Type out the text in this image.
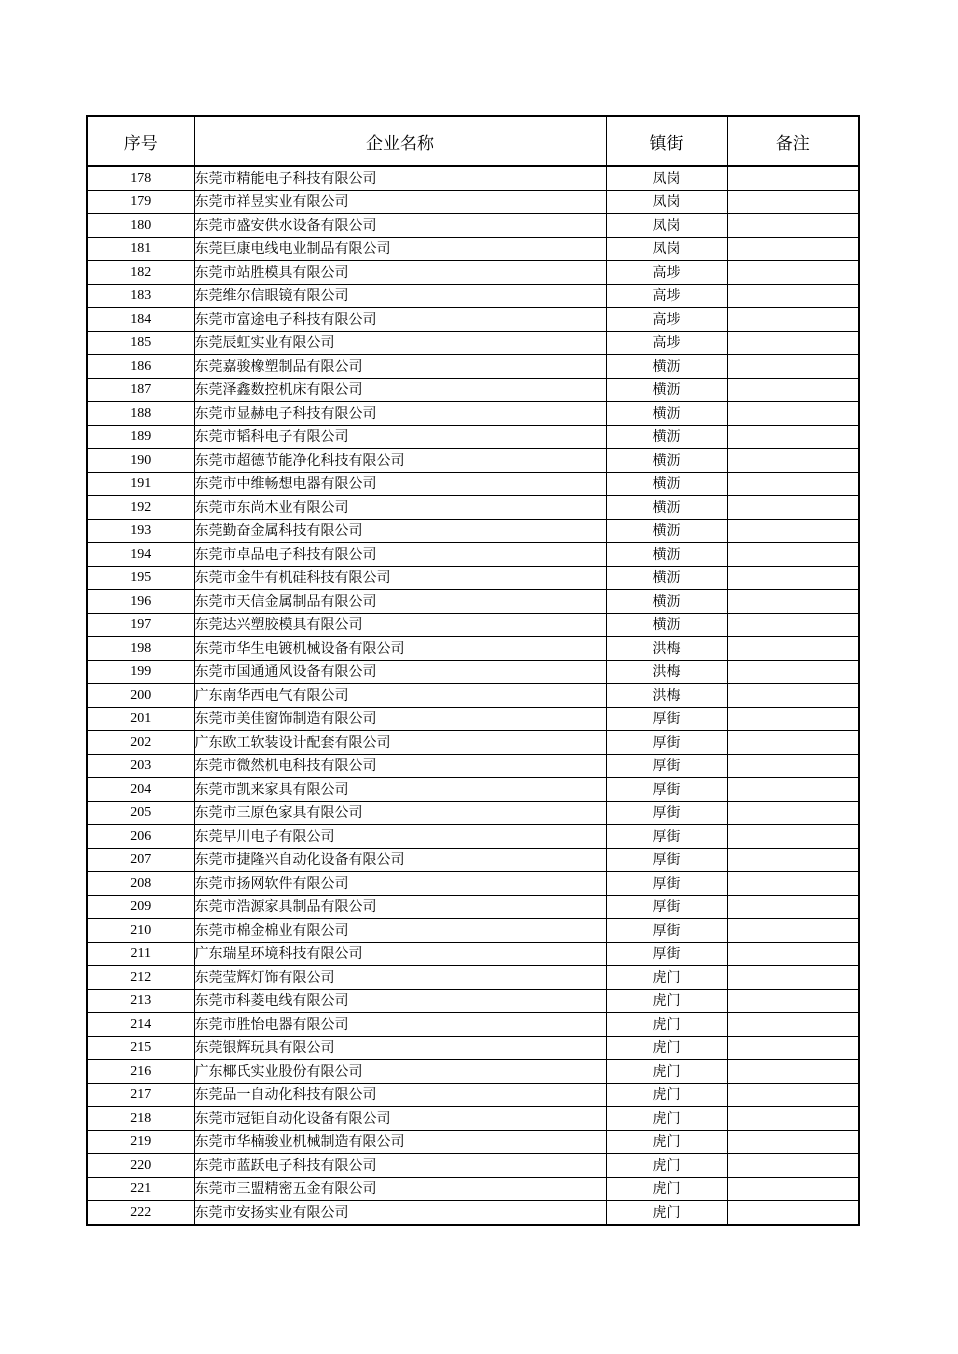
序号	企业名称	镇街	备注
178	东莞市精能电子科技有限公司	凤岗	
179	东莞市祥昱实业有限公司	凤岗	
180	东莞市盛安供水设备有限公司	凤岗	
181	东莞巨康电线电业制品有限公司	凤岗	
182	东莞市站胜模具有限公司	高埗	
183	东莞维尔信眼镜有限公司	高埗	
184	东莞市富途电子科技有限公司	高埗	
185	东莞辰虹实业有限公司	高埗	
186	东莞嘉骏橡塑制品有限公司	横沥	
187	东莞泽鑫数控机床有限公司	横沥	
188	东莞市显赫电子科技有限公司	横沥	
189	东莞市韬科电子有限公司	横沥	
190	东莞市超德节能净化科技有限公司	横沥	
191	东莞市中维畅想电器有限公司	横沥	
192	东莞市东尚木业有限公司	横沥	
193	东莞勤奋金属科技有限公司	横沥	
194	东莞市卓品电子科技有限公司	横沥	
195	东莞市金牛有机硅科技有限公司	横沥	
196	东莞市天信金属制品有限公司	横沥	
197	东莞达兴塑胶模具有限公司	横沥	
198	东莞市华生电镀机械设备有限公司	洪梅	
199	东莞市国通通风设备有限公司	洪梅	
200	广东南华西电气有限公司	洪梅	
201	东莞市美佳窗饰制造有限公司	厚街	
202	广东欧工软装设计配套有限公司	厚街	
203	东莞市微然机电科技有限公司	厚街	
204	东莞市凯来家具有限公司	厚街	
205	东莞市三原色家具有限公司	厚街	
206	东莞早川电子有限公司	厚街	
207	东莞市捷隆兴自动化设备有限公司	厚街	
208	东莞市扬网软件有限公司	厚街	
209	东莞市浩源家具制品有限公司	厚街	
210	东莞市棉金棉业有限公司	厚街	
211	广东瑞星环境科技有限公司	厚街	
212	东莞莹辉灯饰有限公司	虎门	
213	东莞市科菱电线有限公司	虎门	
214	东莞市胜怡电器有限公司	虎门	
215	东莞银辉玩具有限公司	虎门	
216	广东椰氏实业股份有限公司	虎门	
217	东莞品一自动化科技有限公司	虎门	
218	东莞市冠钜自动化设备有限公司	虎门	
219	东莞市华楠骏业机械制造有限公司	虎门	
220	东莞市蓝跃电子科技有限公司	虎门	
221	东莞市三盟精密五金有限公司	虎门	
222	东莞市安扬实业有限公司	虎门	
